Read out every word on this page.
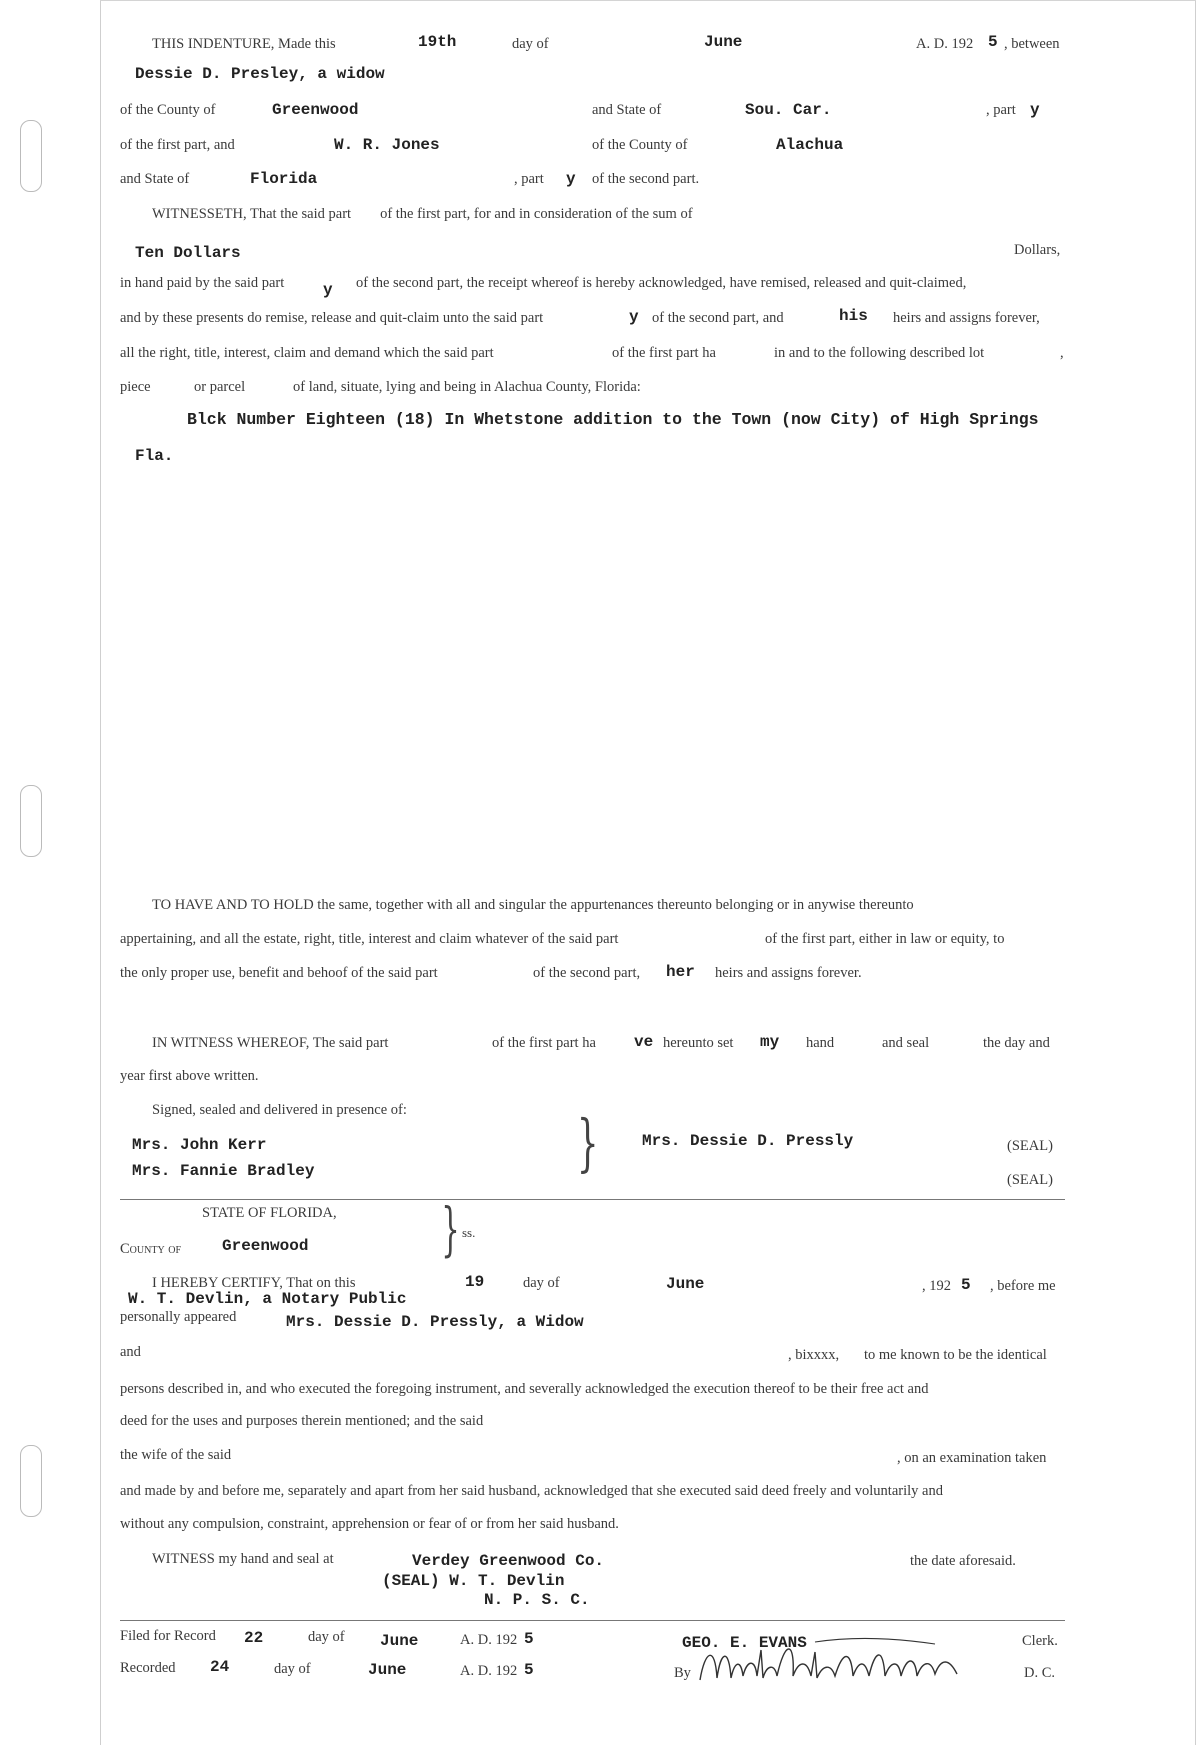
THIS INDENTURE, Made this	19th	day of	June	A. D. 192 5 , between
Dessie D. Presley, a widow
of the County of	Greenwood	and State of	Sou. Car.	, part y
of the first part, and	W. R. Jones	of the County of	Alachua
and State of	Florida	, part y of the second part.
WITNESSETH, That the said part        of the first part, for and in consideration of the sum of
Ten Dollars	Dollars,
in hand paid by the said part y of the second part, the receipt whereof is hereby acknowledged, have remised, released and quit-claimed,
and by these presents do remise, release and quit-claim unto the said part	y of the second part, and	his heirs and assigns forever,
all the right, title, interest, claim and demand which the said part	of the first part ha	in and to the following described lot	,
piece	or parcel	of land, situate, lying and being in Alachua County, Florida:
Blck Number Eighteen (18) In Whetstone addition to the Town (now City) of High Springs
Fla.
TO HAVE AND TO HOLD the same, together with all and singular the appurtenances thereunto belonging or in anywise thereunto
appertaining, and all the estate, right, title, interest and claim whatever of the said part	of the first part, either in law or equity, to
the only proper use, benefit and behoof of the said part	of the second part, her heirs and assigns forever.
IN WITNESS WHEREOF, The said part	of the first part ha ve hereunto set my hand	and seal	the day and
year first above written.
Signed, sealed and delivered in presence of:
Mrs. John Kerr
Mrs. Fannie Bradley	}	Mrs. Dessie D. Pressly	(SEAL)
(SEAL)
STATE OF FLORIDA,
County of	Greenwood } ss.
I HEREBY CERTIFY, That on this	19	day of	June	, 192 5 , before me
W. T. Devlin, a Notary Public
personally appeared	Mrs. Dessie D. Pressly, a Widow
and	, bixxxx, to me known to be the identical
persons described in, and who executed the foregoing instrument, and severally acknowledged the execution thereof to be their free act and
deed for the uses and purposes therein mentioned; and the said
the wife of the said	, on an examination taken
and made by and before me, separately and apart from her said husband, acknowledged that she executed said deed freely and voluntarily and
without any compulsion, constraint, apprehension or fear of or from her said husband.
WITNESS my hand and seal at	Verdey Greenwood Co.	the date aforesaid.
(SEAL) W. T. Devlin
N. P. S. C.
Filed for Record 22	day of June	A. D. 192 5
Recorded 24	day of	June	A. D. 192 5
GEO. E. EVANS	Clerk.
By	D. C.
